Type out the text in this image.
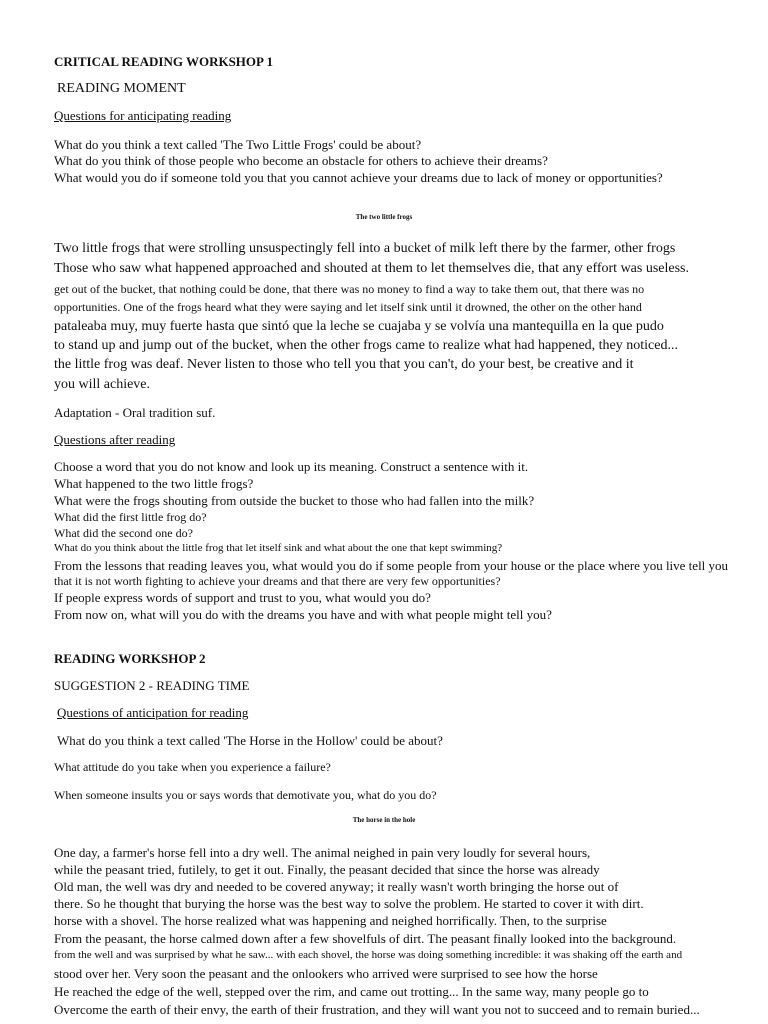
CRITICAL READING WORKSHOP 1
READING MOMENT
Questions for anticipating reading
What do you think a text called 'The Two Little Frogs' could be about?
What do you think of those people who become an obstacle for others to achieve their dreams?
What would you do if someone told you that you cannot achieve your dreams due to lack of money or opportunities?
The two little frogs
Two little frogs that were strolling unsuspectingly fell into a bucket of milk left there by the farmer, other frogs
Those who saw what happened approached and shouted at them to let themselves die, that any effort was useless.
get out of the bucket, that nothing could be done, that there was no money to find a way to take them out, that there was no
opportunities. One of the frogs heard what they were saying and let itself sink until it drowned, the other on the other hand
pataleaba muy, muy fuerte hasta que sintó que la leche se cuajaba y se volvía una mantequilla en la que pudo
to stand up and jump out of the bucket, when the other frogs came to realize what had happened, they noticed...
the little frog was deaf. Never listen to those who tell you that you can't, do your best, be creative and it
you will achieve.
Adaptation - Oral tradition suf.
Questions after reading
Choose a word that you do not know and look up its meaning. Construct a sentence with it.
What happened to the two little frogs?
What were the frogs shouting from outside the bucket to those who had fallen into the milk?
What did the first little frog do?
What did the second one do?
What do you think about the little frog that let itself sink and what about the one that kept swimming?
From the lessons that reading leaves you, what would you do if some people from your house or the place where you live tell you
that it is not worth fighting to achieve your dreams and that there are very few opportunities?
If people express words of support and trust to you, what would you do?
From now on, what will you do with the dreams you have and with what people might tell you?
READING WORKSHOP 2
SUGGESTION 2 - READING TIME
Questions of anticipation for reading
What do you think a text called 'The Horse in the Hollow' could be about?
What attitude do you take when you experience a failure?
When someone insults you or says words that demotivate you, what do you do?
The horse in the hole
One day, a farmer's horse fell into a dry well. The animal neighed in pain very loudly for several hours,
while the peasant tried, futilely, to get it out. Finally, the peasant decided that since the horse was already
Old man, the well was dry and needed to be covered anyway; it really wasn't worth bringing the horse out of
there. So he thought that burying the horse was the best way to solve the problem. He started to cover it with dirt.
horse with a shovel. The horse realized what was happening and neighed horrifically. Then, to the surprise
From the peasant, the horse calmed down after a few shovelfuls of dirt. The peasant finally looked into the background.
from the well and was surprised by what he saw... with each shovel, the horse was doing something incredible: it was shaking off the earth and
stood over her. Very soon the peasant and the onlookers who arrived were surprised to see how the horse
He reached the edge of the well, stepped over the rim, and came out trotting... In the same way, many people go to
Overcome the earth of their envy, the earth of their frustration, and they will want you not to succeed and to remain buried...
